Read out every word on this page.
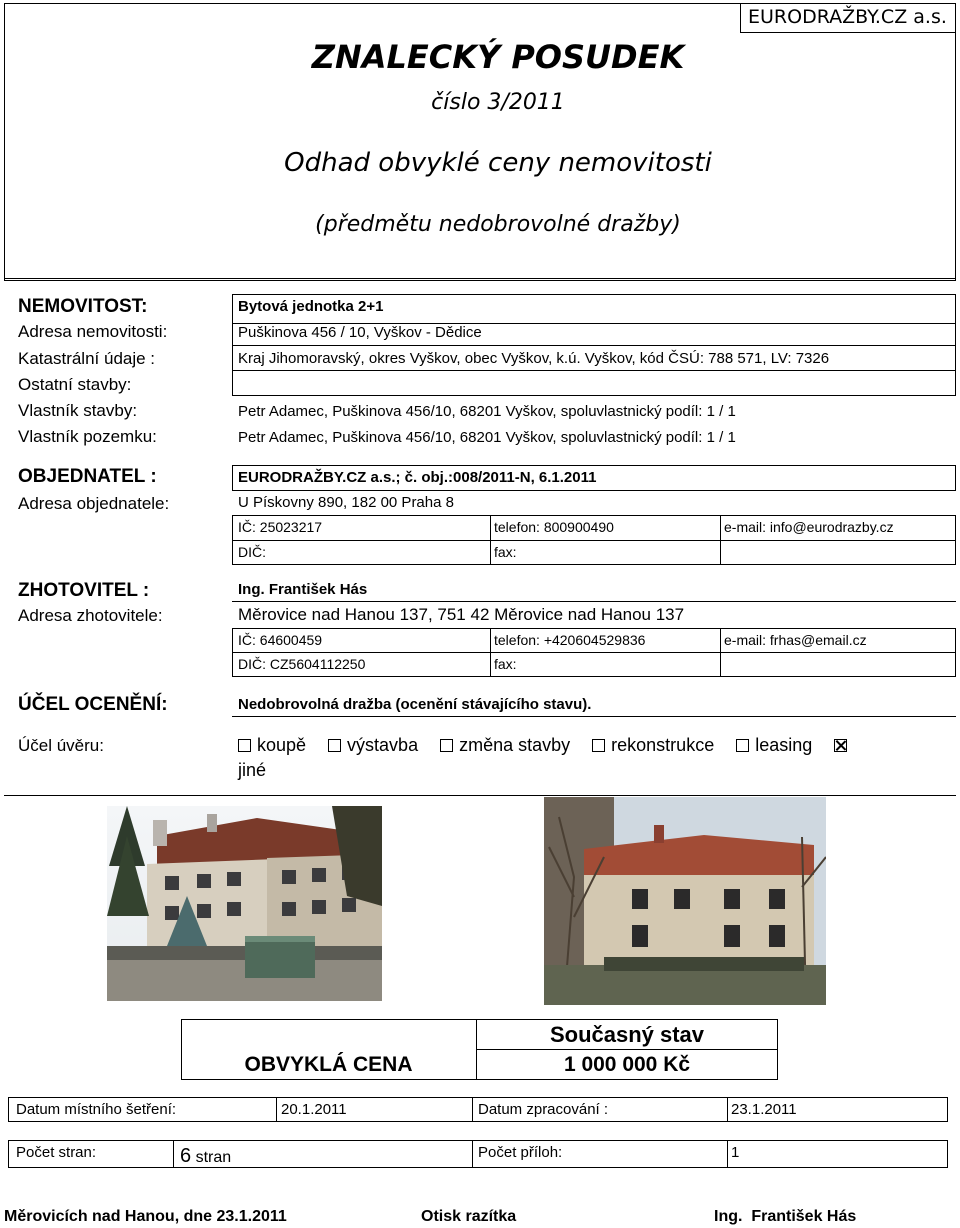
EURODRAŽBY.CZ a.s.
ZNALECKÝ POSUDEK
číslo 3/2011
Odhad obvyklé ceny nemovitosti
(předmětu nedobrovolné dražby)
NEMOVITOST:	Bytová jednotka 2+1
Adresa nemovitosti:	Puškinova 456 / 10, Vyškov - Dědice
Katastrální údaje :	Kraj Jihomoravský, okres Vyškov, obec Vyškov, k.ú. Vyškov, kód ČSÚ: 788 571, LV: 7326
Ostatní stavby:
Vlastník stavby:	Petr Adamec, Puškinova 456/10, 68201 Vyškov, spoluvlastnický podíl: 1 / 1
Vlastník pozemku:	Petr Adamec, Puškinova 456/10, 68201 Vyškov, spoluvlastnický podíl: 1 / 1
OBJEDNATEL :	EURODRAŽBY.CZ a.s.; č. obj.:008/2011-N, 6.1.2011
Adresa objednatele:	U Pískovny 890, 182 00 Praha 8
IČ: 25023217	telefon: 800900490	e-mail: info@eurodrazby.cz
DIČ:	fax:
ZHOTOVITEL :	Ing. František Hás
Adresa zhotovitele:	Měrovice nad Hanou 137, 751 42 Měrovice nad Hanou 137
IČ: 64600459	telefon: +420604529836	e-mail: frhas@email.cz
DIČ: CZ5604112250	fax:
ÚČEL OCENĚNÍ:	Nedobrovolná dražba (ocenění stávajícího stavu).
Účel úvěru:	koupě výstavba změna stavby rekonstrukce leasing
jiné
Současný stav
OBVYKLÁ CENA	1 000 000 Kč
Datum místního šetření:	20.1.2011	Datum zpracování :	23.1.2011
Počet stran:	6 stran	Počet příloh:	1
Měrovicích nad Hanou, dne 23.1.2011	Otisk razítka	Ing.  František Hás
